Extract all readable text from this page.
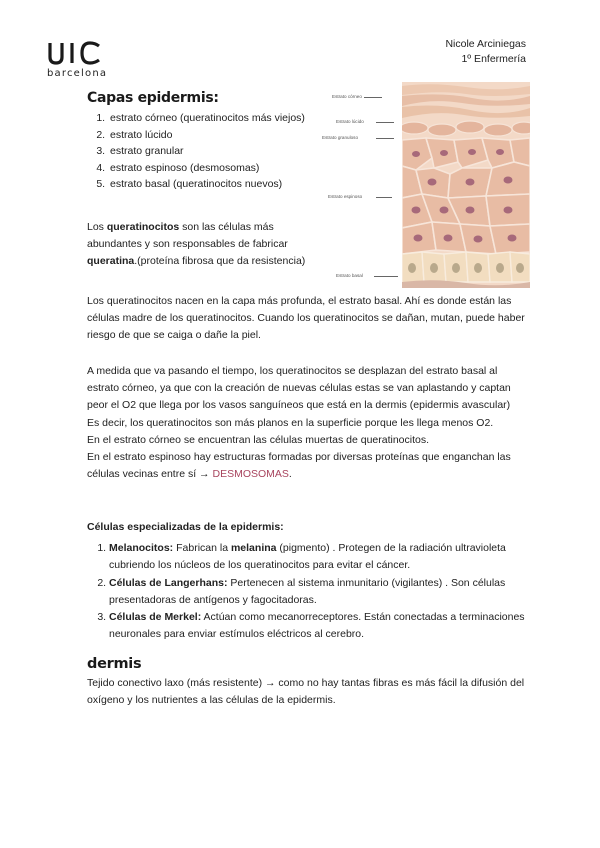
barcelona
Nicole Arciniegas
1º Enfermería
Capas epidermis:
1. estrato córneo (queratinocitos más viejos)
2. estrato lúcido
3. estrato granular
4. estrato espinoso (desmosomas)
5. estrato basal (queratinocitos nuevos)
Estrato córneo
Estrato lúcido
Estrato granuloso
Estrato espinoso
Estrato basal
Los queratinocitos son las células más abundantes y son responsables de fabricar queratina.(proteína fibrosa que da resistencia)

Los queratinocitos nacen en la capa más profunda, el estrato basal. Ahí es donde están las células madre de los queratinocitos. Cuando los queratinocitos se dañan, mutan, puede haber riesgo de que se caiga o dañe la piel.

A medida que va pasando el tiempo, los queratinocitos se desplazan del estrato basal al estrato córneo, ya que con la creación de nuevas células estas se van aplastando y captan peor el O2 que llega por los vasos sanguíneos que está en la dermis (epidermis avascular)

Es decir, los queratinocitos son más planos en la superficie porque les llega menos O2.

En el estrato córneo se encuentran las células muertas de queratinocitos.

En el estrato espinoso hay estructuras formadas por diversas proteínas que enganchan las células vecinas entre sí → DESMOSOMAS.

Células especializadas de la epidermis:
1. Melanocitos: Fabrican la melanina (pigmento) . Protegen de la radiación ultravioleta cubriendo los núcleos de los queratinocitos para evitar el cáncer.
2. Células de Langerhans: Pertenecen al sistema inmunitario (vigilantes) . Son células presentadoras de antígenos y fagocitadoras.
3. Células de Merkel: Actúan como mecanorreceptores. Están conectadas a terminaciones neuronales para enviar estímulos eléctricos al cerebro.
dermis
Tejido conectivo laxo (más resistente) → como no hay tantas fibras es más fácil la difusión del oxígeno y los nutrientes a las células de la epidermis.
